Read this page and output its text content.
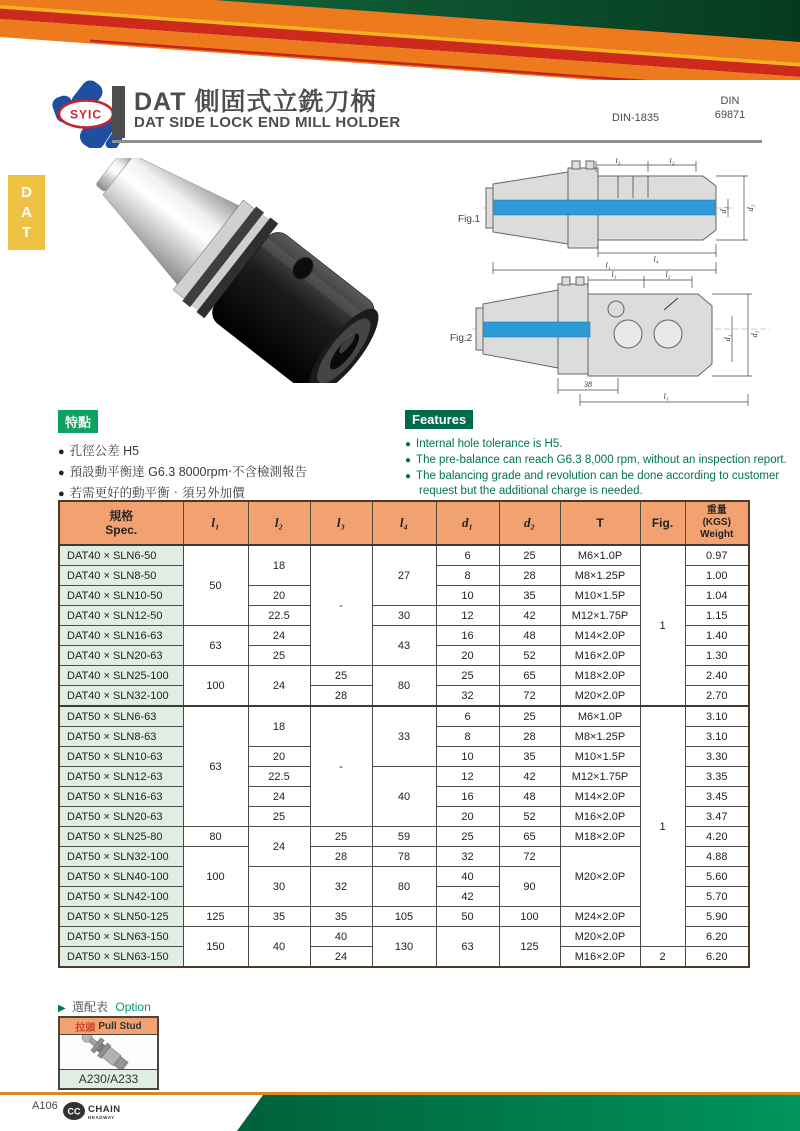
SYIC DAT 側固式立銑刀柄
DAT SIDE LOCK END MILL HOLDER	DIN-1835
DIN
69871
D
A
T
Fig.1
l₃	l₂
d₁ d₂
l₄
l₁
Fig.2
l₃	l₂
d₁
d₂
38
l₁
特點
● 孔徑公差 H5
● 預設動平衡達 G6.3 8000rpm‧不含檢測報告
● 若需更好的動平衡‧須另外加價
Features
● Internal hole tolerance is H5.
● The pre-balance can reach G6.3 8,000 rpm, without an inspection report.
● The balancing grade and revolution can be done according to customer request but the additional charge is needed.
規格
Spec.	l₁	l₂	l₃	l₄	d₁	d₂	T	Fig.	
重量
(KGS)
Weight

DAT40 × SLN6-50	50	18	-	27	6	25	M6×1.0P	1	0.97
DAT40 × SLN8-50					8	28	M8×1.25P		1.00
DAT40 × SLN10-50		20			10	35	M10×1.5P		1.04
DAT40 × SLN12-50		22.5		30	12	42	M12×1.75P		1.15
DAT40 × SLN16-63	63	24		43	16	48	M14×2.0P		1.40
DAT40 × SLN20-63		25			20	52	M16×2.0P		1.30
DAT40 × SLN25-100	100	24	25	80	25	65	M18×2.0P		2.40
DAT40 × SLN32-100			28		32	72	M20×2.0P		2.70
DAT50 × SLN6-63	63	18	-	33	6	25	M6×1.0P	1	3.10
DAT50 × SLN8-63					8	28	M8×1.25P		3.10
DAT50 × SLN10-63		20			10	35	M10×1.5P		3.30
DAT50 × SLN12-63		22.5		40	12	42	M12×1.75P		3.35
DAT50 × SLN16-63		24			16	48	M14×2.0P		3.45
DAT50 × SLN20-63		25			20	52	M16×2.0P		3.47
DAT50 × SLN25-80	80	24	25	59	25	65	M18×2.0P		4.20
DAT50 × SLN32-100	100		28	78	32	72	M20×2.0P		4.88
DAT50 × SLN40-100		30	32	80	40	90			5.60
DAT50 × SLN42-100					42				5.70
DAT50 × SLN50-125	125	35	35	105	50	100	M24×2.0P		5.90
DAT50 × SLN63-150	150	40	40	130	63	125	M20×2.0P		6.20
DAT50 × SLN63-150			24				M16×2.0P	2	6.20
▶ 選配表 Option
拉頭 Pull Stud
A230/A233
A106 CC CHAIN
HEADWAY
